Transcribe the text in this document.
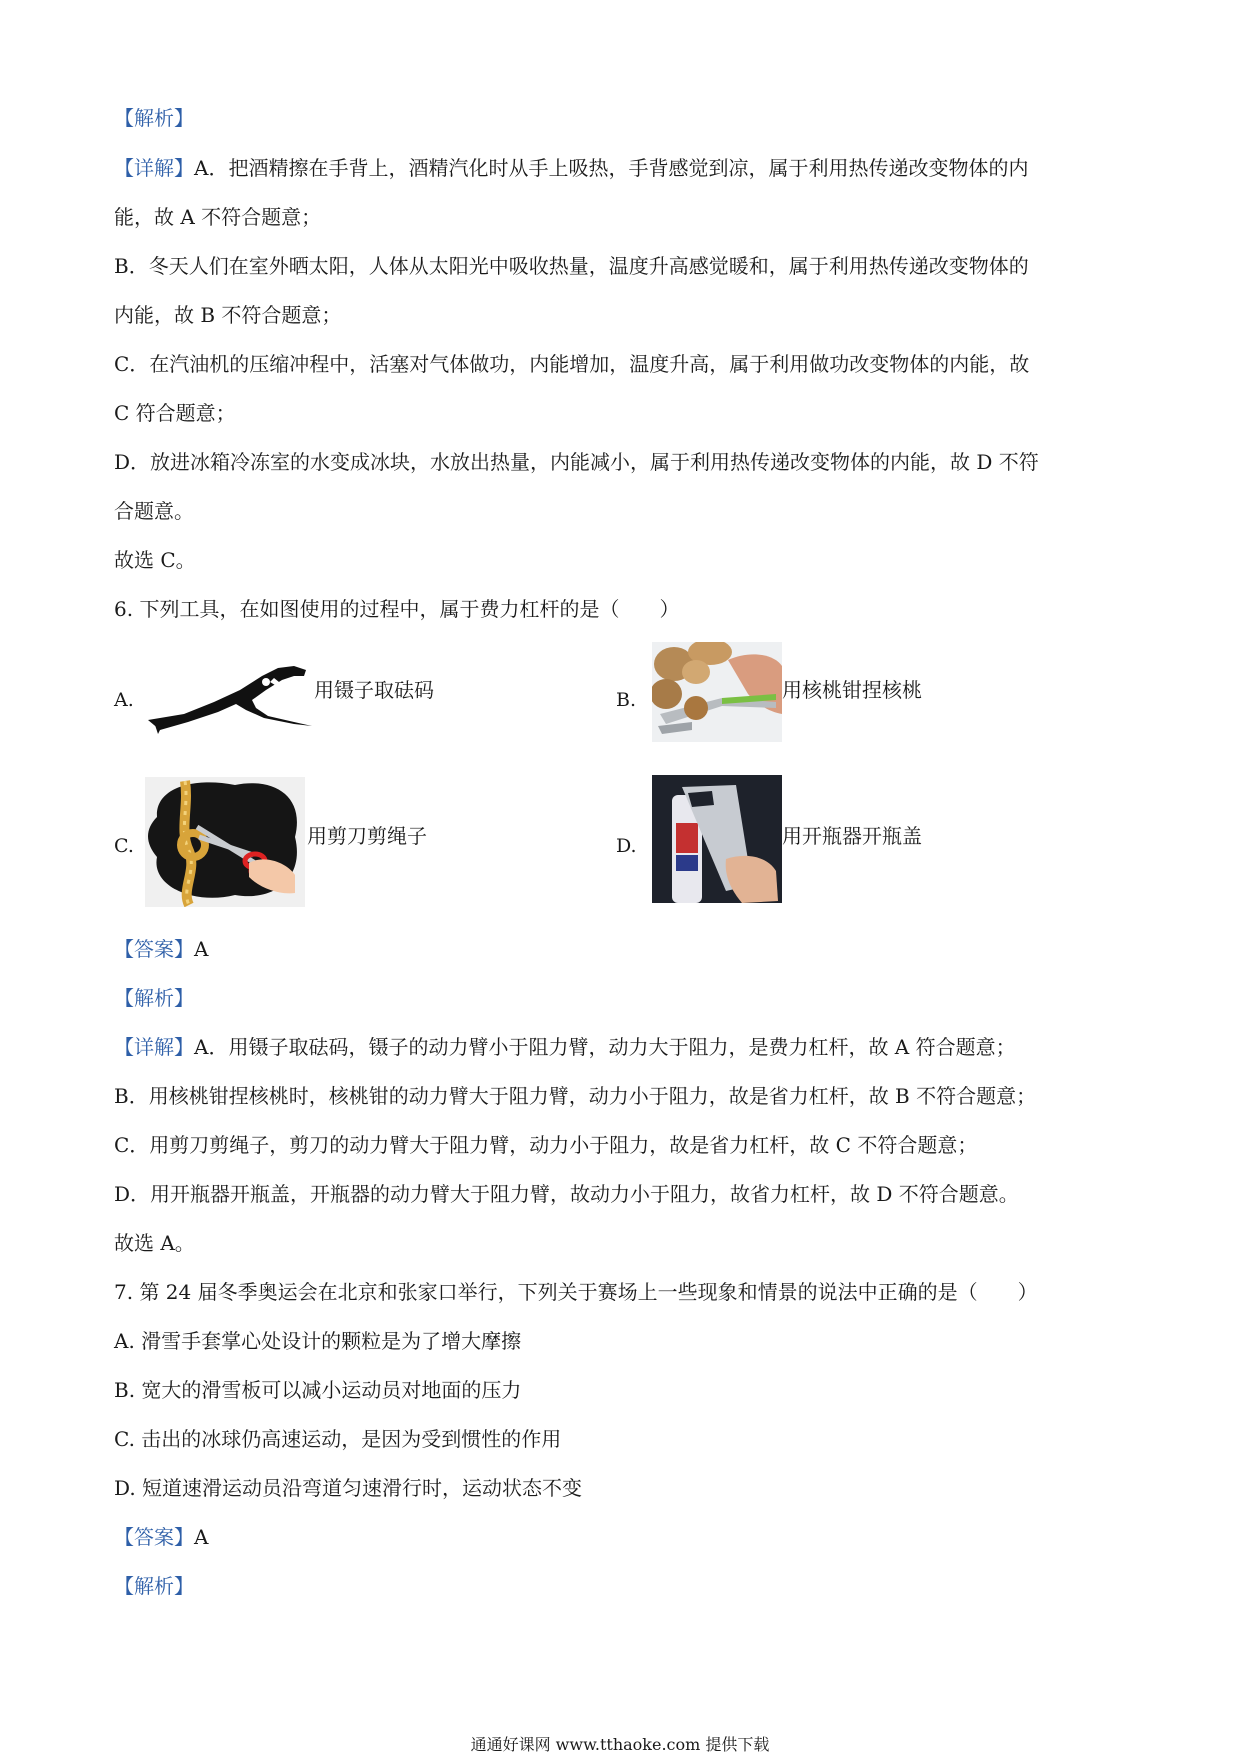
【解析】
【详解】A．把酒精擦在手背上，酒精汽化时从手上吸热，手背感觉到凉，属于利用热传递改变物体的内
能，故 A 不符合题意；
B．冬天人们在室外晒太阳，人体从太阳光中吸收热量，温度升高感觉暖和，属于利用热传递改变物体的
内能，故 B 不符合题意；
C．在汽油机的压缩冲程中，活塞对气体做功，内能增加，温度升高，属于利用做功改变物体的内能，故
C 符合题意；
D．放进冰箱冷冻室的水变成冰块，水放出热量，内能减小，属于利用热传递改变物体的内能，故 D 不符
合题意。
故选 C。
6. 下列工具，在如图使用的过程中，属于费力杠杆的是（　　）
A.	用镊子取砝码	B.	用核桃钳捏核桃
C.	用剪刀剪绳子	D.	用开瓶器开瓶盖
【答案】A
【解析】
【详解】A．用镊子取砝码，镊子的动力臂小于阻力臂，动力大于阻力，是费力杠杆，故 A 符合题意；
B．用核桃钳捏核桃时，核桃钳的动力臂大于阻力臂，动力小于阻力，故是省力杠杆，故 B 不符合题意；
C．用剪刀剪绳子，剪刀的动力臂大于阻力臂，动力小于阻力，故是省力杠杆，故 C 不符合题意；
D．用开瓶器开瓶盖，开瓶器的动力臂大于阻力臂，故动力小于阻力，故省力杠杆，故 D 不符合题意。
故选 A。
7. 第 24 届冬季奥运会在北京和张家口举行，下列关于赛场上一些现象和情景的说法中正确的是（　　）
A. 滑雪手套掌心处设计的颗粒是为了增大摩擦
B. 宽大的滑雪板可以减小运动员对地面的压力
C. 击出的冰球仍高速运动，是因为受到惯性的作用
D. 短道速滑运动员沿弯道匀速滑行时，运动状态不变
【答案】A
【解析】
通通好课网 www.tthaoke.com 提供下载
